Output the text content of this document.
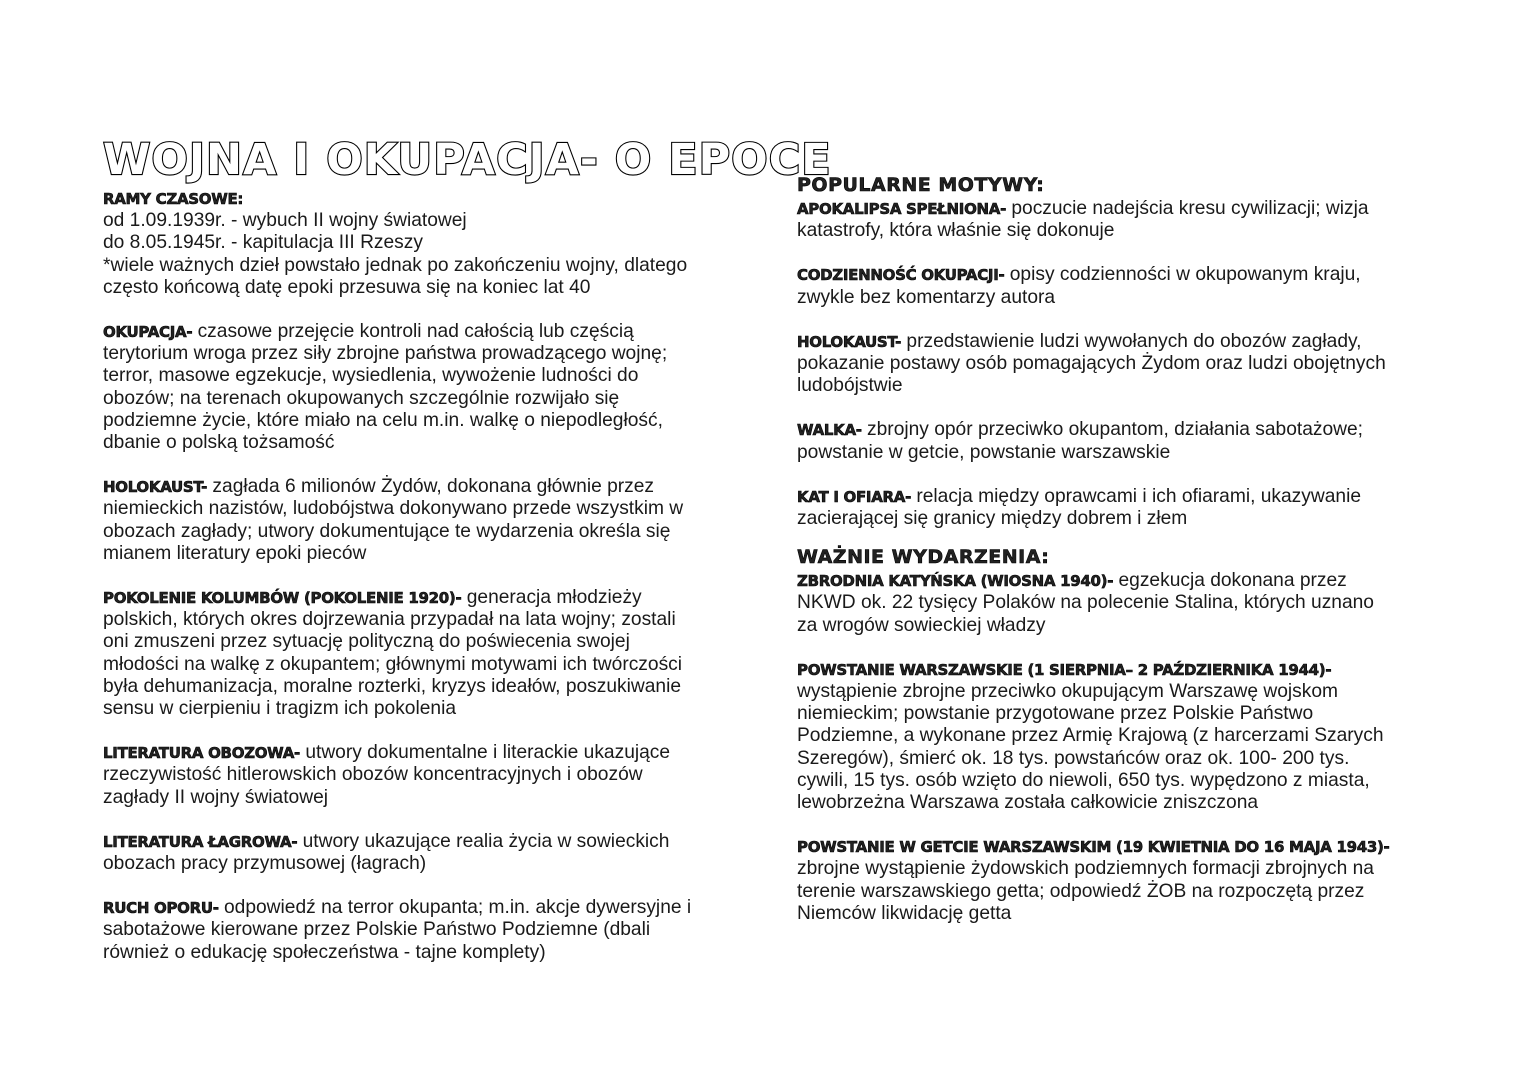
WOJNA I OKUPACJA- O EPOCE
RAMY CZASOWE:
od 1.09.1939r. - wybuch II wojny światowej
do 8.05.1945r. - kapitulacja III Rzeszy
*wiele ważnych dzieł powstało jednak po zakończeniu wojny, dlatego
często końcową datę epoki przesuwa się na koniec lat 40
OKUPACJA- czasowe przejęcie kontroli nad całością lub częścią
terytorium wroga przez siły zbrojne państwa prowadzącego wojnę;
terror, masowe egzekucje, wysiedlenia, wywożenie ludności do
obozów; na terenach okupowanych szczególnie rozwijało się
podziemne życie, które miało na celu m.in. walkę o niepodległość,
dbanie o polską tożsamość
HOLOKAUST- zagłada 6 milionów Żydów, dokonana głównie przez
niemieckich nazistów, ludobójstwa dokonywano przede wszystkim w
obozach zagłady; utwory dokumentujące te wydarzenia określa się
mianem literatury epoki pieców
POKOLENIE KOLUMBÓW (POKOLENIE 1920)- generacja młodzieży
polskich, których okres dojrzewania przypadał na lata wojny; zostali
oni zmuszeni przez sytuację polityczną do poświecenia swojej
młodości na walkę z okupantem; głównymi motywami ich twórczości
była dehumanizacja, moralne rozterki, kryzys ideałów, poszukiwanie
sensu w cierpieniu i tragizm ich pokolenia
LITERATURA OBOZOWA- utwory dokumentalne i literackie ukazujące
rzeczywistość hitlerowskich obozów koncentracyjnych i obozów
zagłady II wojny światowej
LITERATURA ŁAGROWA- utwory ukazujące realia życia w sowieckich
obozach pracy przymusowej (łagrach)
RUCH OPORU- odpowiedź na terror okupanta; m.in. akcje dywersyjne i
sabotażowe kierowane przez Polskie Państwo Podziemne (dbali
również o edukację społeczeństwa - tajne komplety)
POPULARNE MOTYWY:
APOKALIPSA SPEŁNIONA- poczucie nadejścia kresu cywilizacji; wizja
katastrofy, która właśnie się dokonuje
CODZIENNOŚĆ OKUPACJI- opisy codzienności w okupowanym kraju,
zwykle bez komentarzy autora
HOLOKAUST- przedstawienie ludzi wywołanych do obozów zagłady,
pokazanie postawy osób pomagających Żydom oraz ludzi obojętnych
ludobójstwie
WALKA- zbrojny opór przeciwko okupantom, działania sabotażowe;
powstanie w getcie, powstanie warszawskie
KAT I OFIARA- relacja między oprawcami i ich ofiarami, ukazywanie
zacierającej się granicy między dobrem i złem
WAŻNIE WYDARZENIA:
ZBRODNIA KATYŃSKA (WIOSNA 1940)- egzekucja dokonana przez
NKWD ok. 22 tysięcy Polaków na polecenie Stalina, których uznano
za wrogów sowieckiej władzy
POWSTANIE WARSZAWSKIE (1 SIERPNIA– 2 PAŹDZIERNIKA 1944)-
wystąpienie zbrojne przeciwko okupującym Warszawę wojskom
niemieckim; powstanie przygotowane przez Polskie Państwo
Podziemne, a wykonane przez Armię Krajową (z harcerzami Szarych
Szeregów), śmierć ok. 18 tys. powstańców oraz ok. 100- 200 tys.
cywili, 15 tys. osób wzięto do niewoli, 650 tys. wypędzono z miasta,
lewobrzeżna Warszawa została całkowicie zniszczona
POWSTANIE W GETCIE WARSZAWSKIM (19 KWIETNIA DO 16 MAJA 1943)-
zbrojne wystąpienie żydowskich podziemnych formacji zbrojnych na
terenie warszawskiego getta; odpowiedź ŻOB na rozpoczętą przez
Niemców likwidację getta
